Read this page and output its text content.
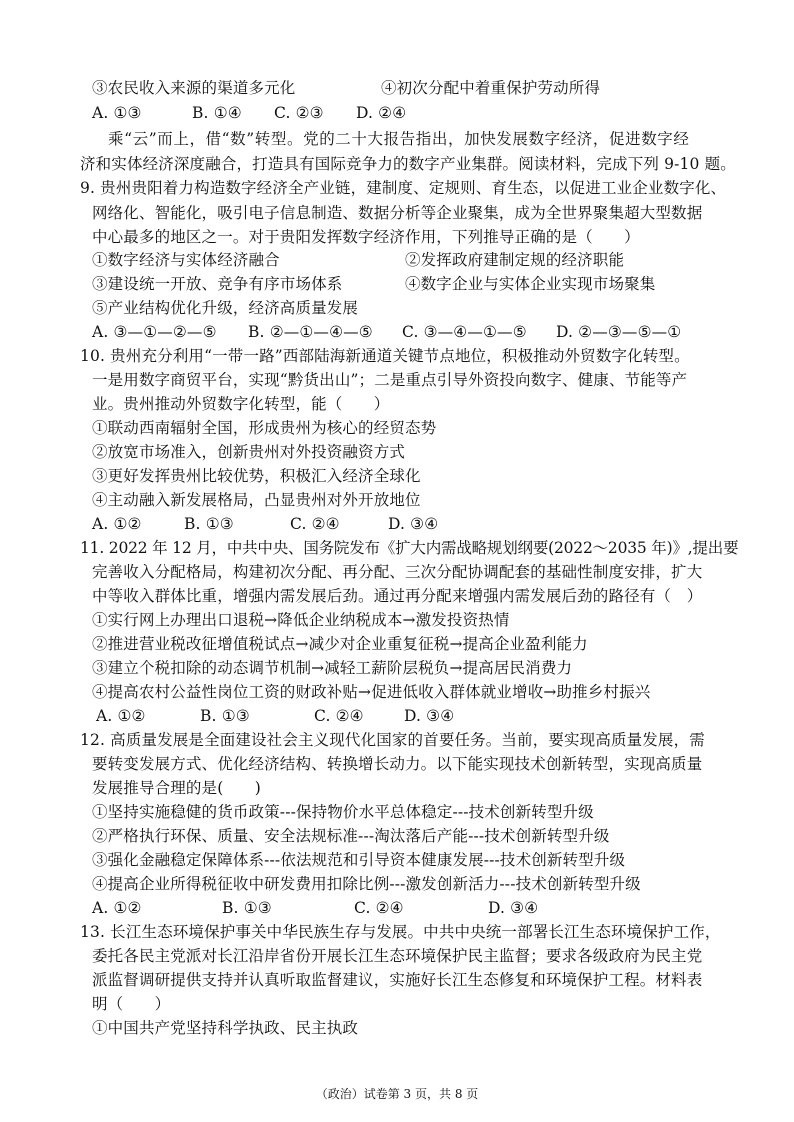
③农民收入来源的渠道多元化	④初次分配中着重保护劳动所得
A. ①③	B. ①④ C. ②③ D. ②④
乘“云”而上，借“数”转型。党的二十大报告指出，加快发展数字经济，促进数字经
济和实体经济深度融合，打造具有国际竞争力的数字产业集群。阅读材料，完成下列 9-10 题。
9. 贵州贵阳着力构造数字经济全产业链，建制度、定规则、育生态，以促进工业企业数字化、
网络化、智能化，吸引电子信息制造、数据分析等企业聚集，成为全世界聚集超大型数据
中心最多的地区之一。对于贵阳发挥数字经济作用，下列推导正确的是（　　）
①数字经济与实体经济融合	②发挥政府建制定规的经济职能
③建设统一开放、竞争有序市场体系	④数字企业与实体企业实现市场聚集
⑤产业结构优化升级，经济高质量发展
A. ③—①—②—⑤ B. ②—①—④—⑤ C. ③—④—①—⑤ D. ②—③—⑤—①
10. 贵州充分利用“一带一路”西部陆海新通道关键节点地位，积极推动外贸数字化转型。
一是用数字商贸平台，实现“黔货出山”；二是重点引导外资投向数字、健康、节能等产
业。贵州推动外贸数字化转型，能（　　）
①联动西南辐射全国，形成贵州为核心的经贸态势
②放宽市场准入，创新贵州对外投资融资方式
③更好发挥贵州比较优势，积极汇入经济全球化
④主动融入新发展格局，凸显贵州对外开放地位
A. ①②	B. ①③	C. ②④	D. ③④
11. 2022 年 12 月，中共中央、国务院发布《扩大内需战略规划纲要(2022～2035 年)》,提出要
完善收入分配格局，构建初次分配、再分配、三次分配协调配套的基础性制度安排，扩大
中等收入群体比重，增强内需发展后劲。通过再分配来增强内需发展后劲的路径有（　）
①实行网上办理出口退税→降低企业纳税成本→激发投资热情
②推进营业税改征增值税试点→减少对企业重复征税→提高企业盈利能力
③建立个税扣除的动态调节机制→减轻工薪阶层税负→提高居民消费力
④提高农村公益性岗位工资的财政补贴→促进低收入群体就业增收→助推乡村振兴
A. ①②	B. ①③	C. ②④	D. ③④
12. 高质量发展是全面建设社会主义现代化国家的首要任务。当前，要实现高质量发展，需
要转变发展方式、优化经济结构、转换增长动力。以下能实现技术创新转型，实现高质量
发展推导合理的是(　　)
①坚持实施稳健的货币政策---保持物价水平总体稳定---技术创新转型升级
②严格执行环保、质量、安全法规标准---淘汰落后产能---技术创新转型升级
③强化金融稳定保障体系---依法规范和引导资本健康发展---技术创新转型升级
④提高企业所得税征收中研发费用扣除比例---激发创新活力---技术创新转型升级
A. ①②	B. ①③	C. ②④	D. ③④
13. 长江生态环境保护事关中华民族生存与发展。中共中央统一部署长江生态环境保护工作，
委托各民主党派对长江沿岸省份开展长江生态环境保护民主监督；要求各级政府为民主党
派监督调研提供支持并认真听取监督建议，实施好长江生态修复和环境保护工程。材料表
明（　　）
①中国共产党坚持科学执政、民主执政
（政治）试卷第 3 页，共 8 页
